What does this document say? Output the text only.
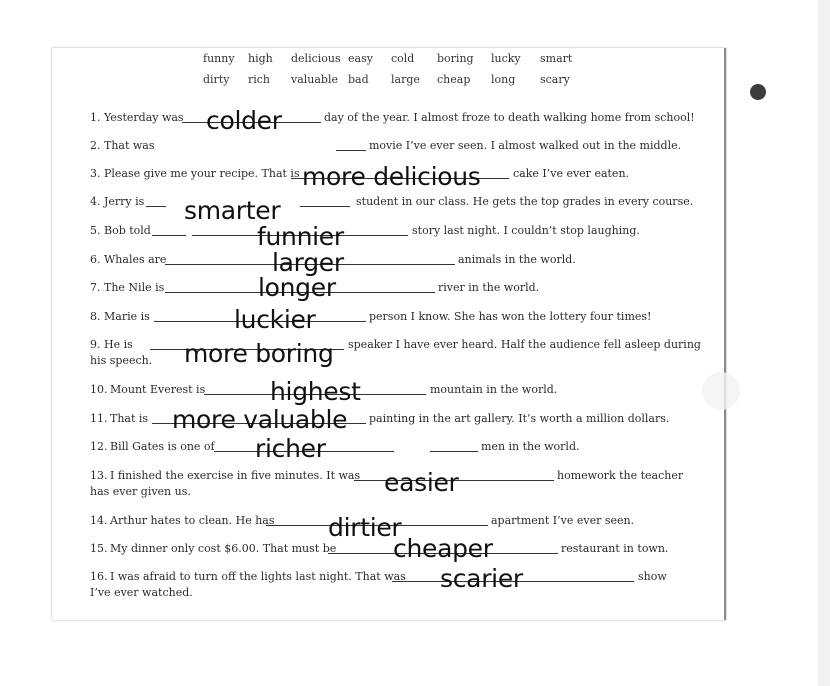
funny high delicious easy cold boring lucky smart
dirty rich valuable bad large cheap long scary
1. Yesterday was	day of the year. I almost froze to death walking home from school!
colder
2. That was	movie I’ve ever seen. I almost walked out in the middle.
3. Please give me your recipe. That is	cake I’ve ever eaten.
more delicious
4. Jerry is	student in our class. He gets the top grades in every course.
smarter
5. Bob told	story last night. I couldn’t stop laughing.
funnier
6. Whales are	animals in the world.
larger
7. The Nile is	river in the world.
longer
8. Marie is	person I know. She has won the lottery four times!
luckier
9. He is	speaker I have ever heard. Half the audience fell asleep during
his speech. more boring
10. Mount Everest is	mountain in the world.
highest
11. That is	painting in the art gallery. It’s worth a million dollars.
more valuable
12. Bill Gates is one of	men in the world.
richer
13. I finished the exercise in five minutes. It was	homework the teacher
has ever given us.	easier
14. Arthur hates to clean. He has	apartment I’ve ever seen.
dirtier
15. My dinner only cost $6.00. That must be	restaurant in town.
cheaper
16. I was afraid to turn off the lights last night. That was	show
I’ve ever watched.	scarier
